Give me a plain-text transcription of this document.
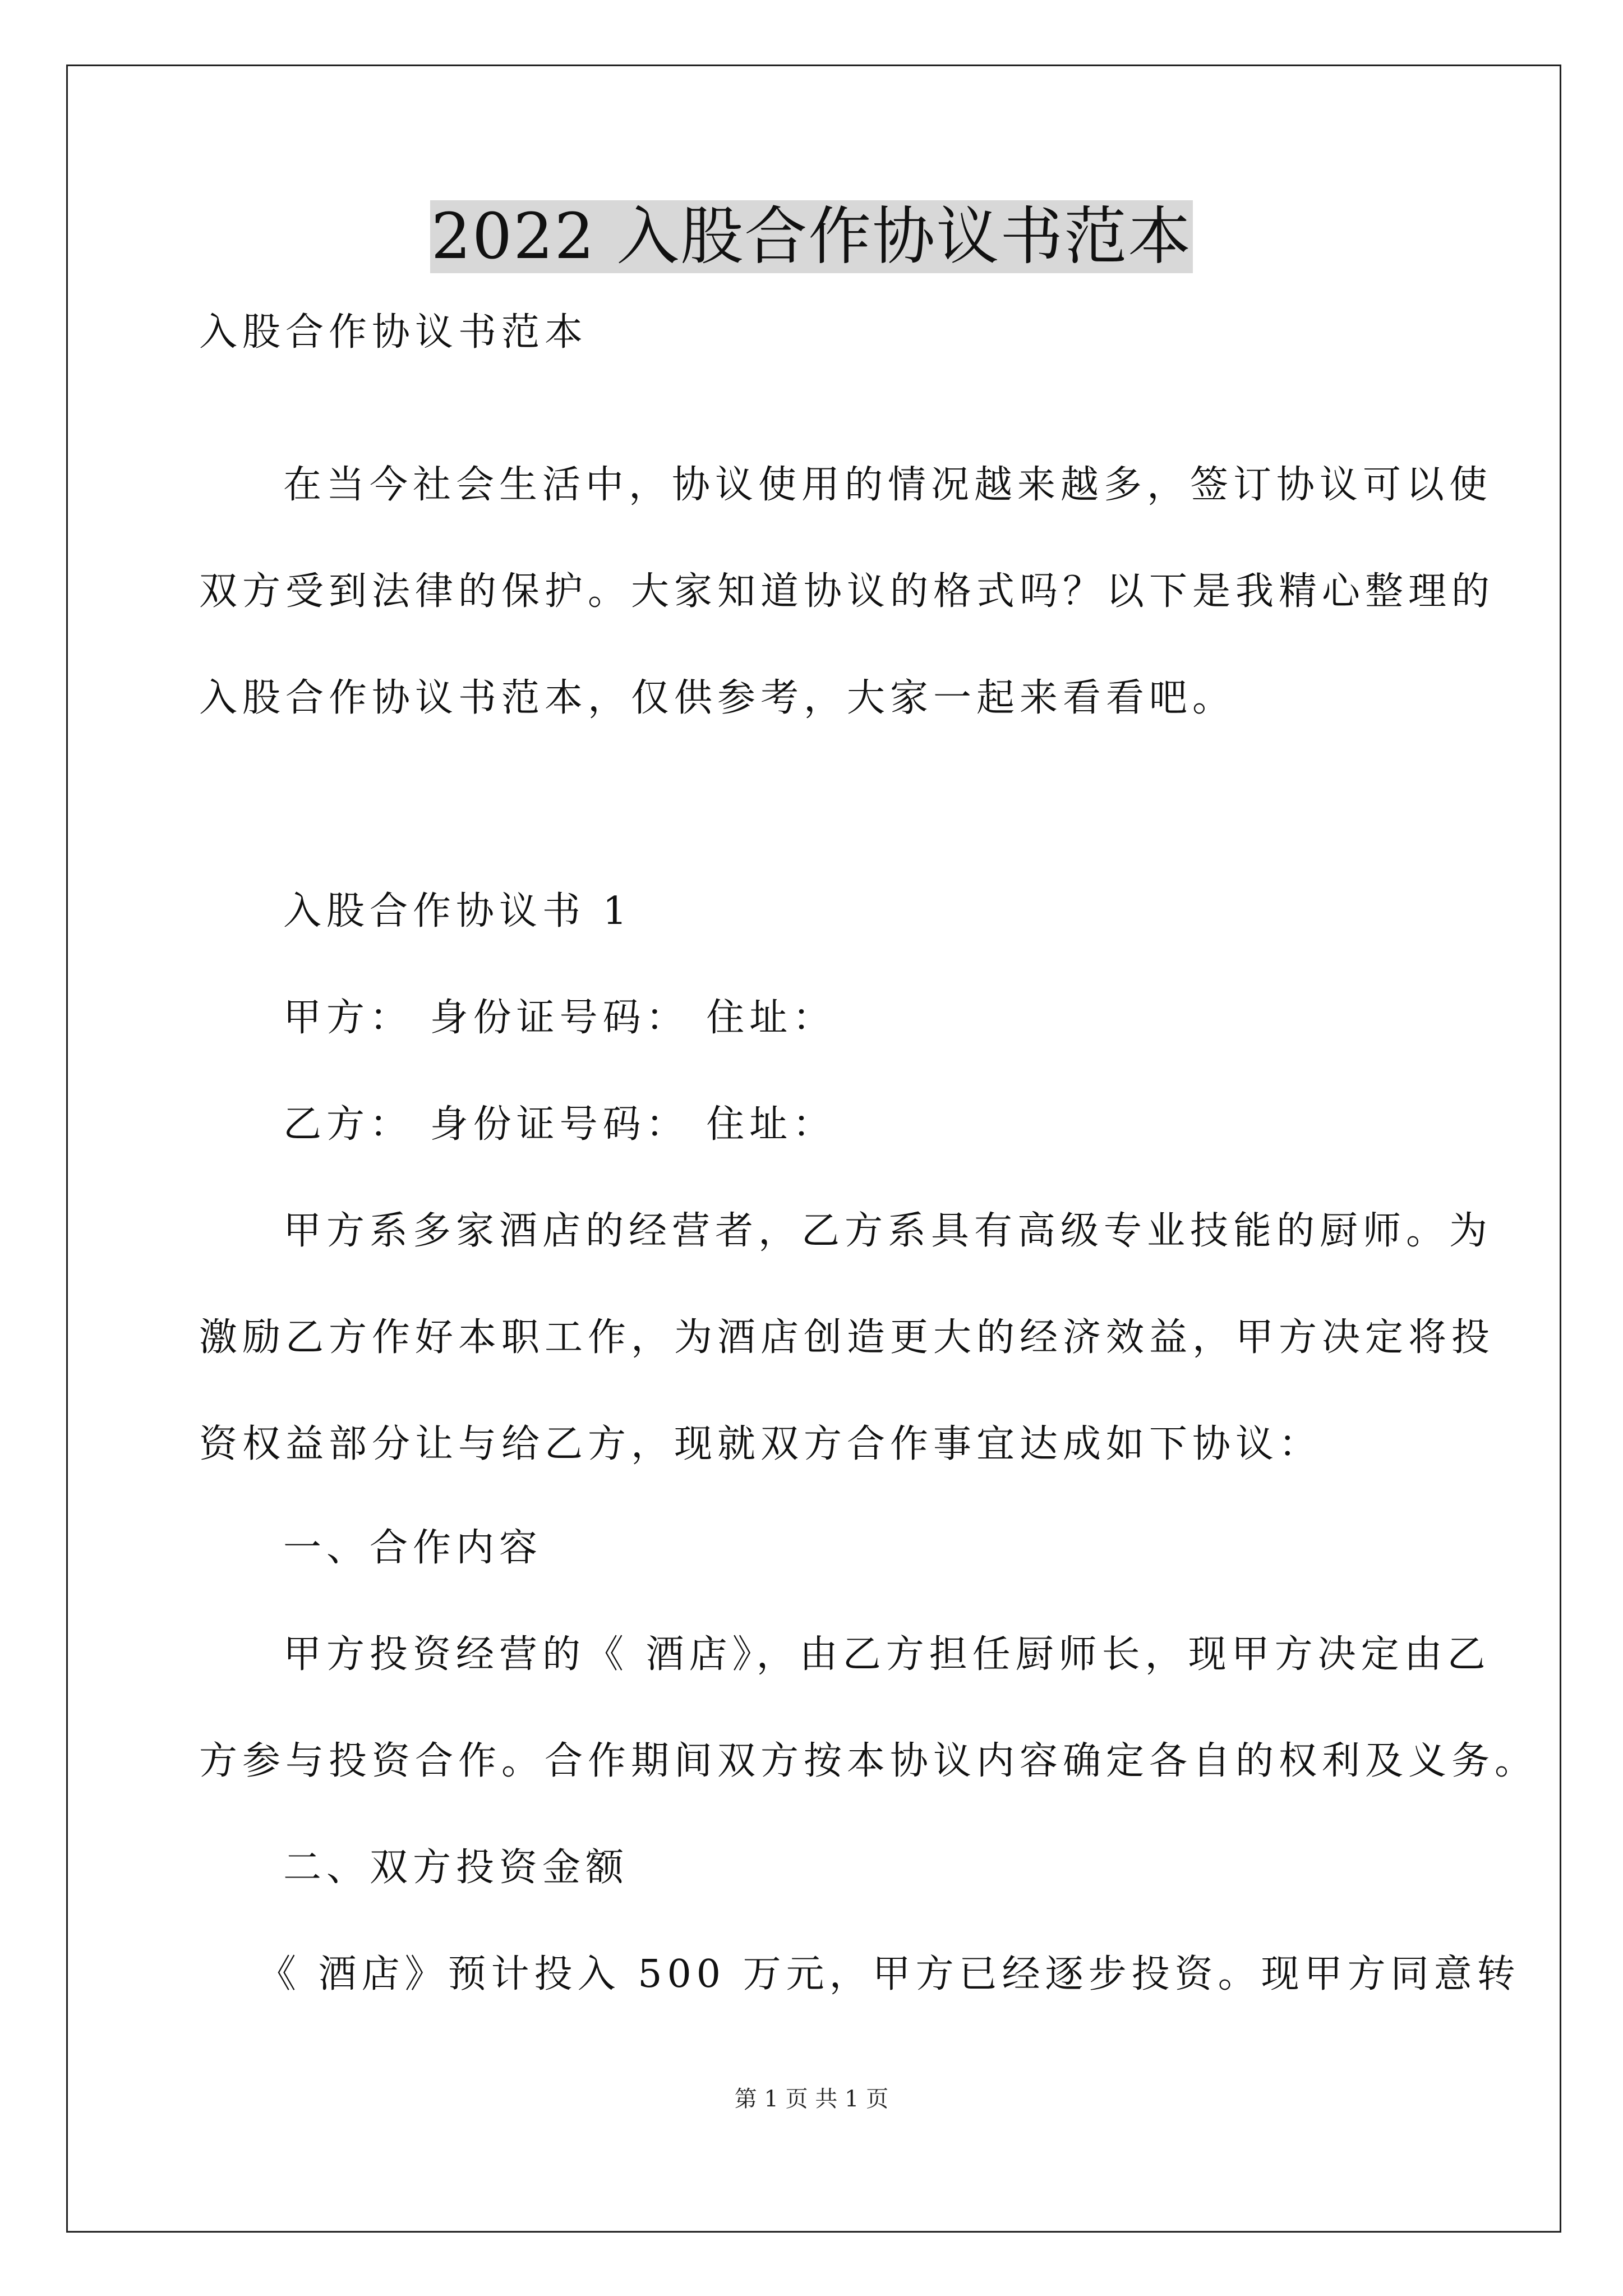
2022 入股合作协议书范本

入股合作协议书范本

在当今社会生活中，协议使用的情况越来越多，签订协议可以使

双方受到法律的保护。大家知道协议的格式吗？以下是我精心整理的

入股合作协议书范本，仅供参考，大家一起来看看吧。

入股合作协议书 1

甲方： 身份证号码： 住址：

乙方： 身份证号码： 住址：

甲方系多家酒店的经营者，乙方系具有高级专业技能的厨师。为

激励乙方作好本职工作，为酒店创造更大的经济效益，甲方决定将投

资权益部分让与给乙方，现就双方合作事宜达成如下协议：

一、合作内容

甲方投资经营的《 酒店》，由乙方担任厨师长，现甲方决定由乙

方参与投资合作。合作期间双方按本协议内容确定各自的权利及义务。

二、双方投资金额

《 酒店》预计投入 500 万元，甲方已经逐步投资。现甲方同意转

第 1 页 共 1 页
